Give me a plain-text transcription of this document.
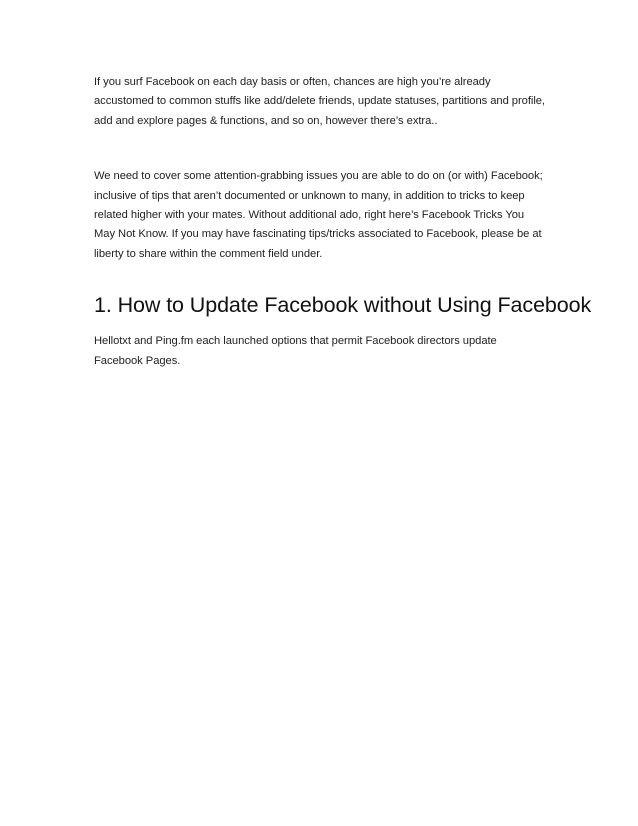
If you surf Facebook on each day basis or often, chances are high you’re already accustomed to common stuffs like add/delete friends, update statuses, partitions and profile, add and explore pages & functions, and so on, however there’s extra..

We need to cover some attention-grabbing issues you are able to do on (or with) Facebook; inclusive of tips that aren’t documented or unknown to many, in addition to tricks to keep related higher with your mates. Without additional ado, right here’s Facebook Tricks You May Not Know. If you may have fascinating tips/tricks associated to Facebook, please be at liberty to share within the comment field under.

1. How to Update Facebook without Using Facebook

Hellotxt and Ping.fm each launched options that permit Facebook directors update Facebook Pages.
